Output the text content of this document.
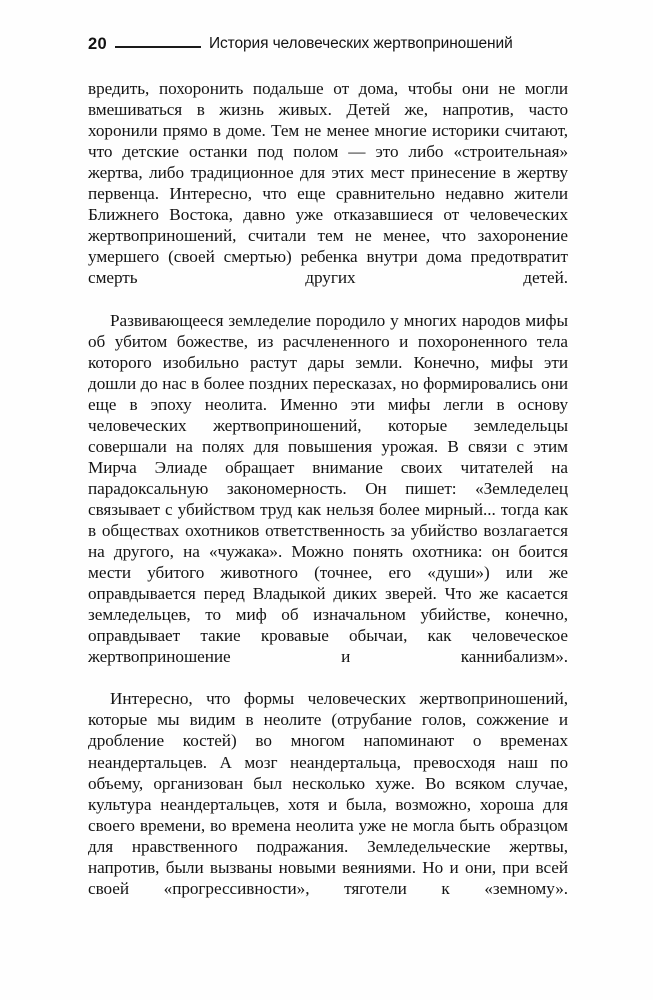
20	История человеческих жертвоприношений

вредить, похоронить подальше от дома, чтобы они не могли вмешиваться в жизнь живых. Детей же, напротив, часто хоронили прямо в доме. Тем не менее многие историки считают, что детские останки под полом — это либо «строительная» жертва, либо традиционное для этих мест принесение в жертву первенца. Интересно, что еще сравнительно недавно жители Ближнего Востока, давно уже отказавшиеся от человеческих жертвоприношений, считали тем не менее, что захоронение умершего (своей смертью) ребенка внутри дома предотвратит смерть других детей.

Развивающееся земледелие породило у многих народов мифы об убитом божестве, из расчлененного и похороненного тела которого изобильно растут дары земли. Конечно, мифы эти дошли до нас в более поздних пересказах, но формировались они еще в эпоху неолита. Именно эти мифы легли в основу человеческих жертвоприношений, которые земледельцы совершали на полях для повышения урожая. В связи с этим Мирча Элиаде обращает внимание своих читателей на парадоксальную закономерность. Он пишет: «Земледелец связывает с убийством труд как нельзя более мирный... тогда как в обществах охотников ответственность за убийство возлагается на другого, на «чужака». Можно понять охотника: он боится мести убитого животного (точнее, его «души») или же оправдывается перед Владыкой диких зверей. Что же касается земледельцев, то миф об изначальном убийстве, конечно, оправдывает такие кровавые обычаи, как человеческое жертвоприношение и каннибализм».

Интересно, что формы человеческих жертвоприношений, которые мы видим в неолите (отрубание голов, сожжение и дробление костей) во многом напоминают о временах неандертальцев. А мозг неандертальца, превосходя наш по объему, организован был несколько хуже. Во всяком случае, культура неандертальцев, хотя и была, возможно, хороша для своего времени, во времена неолита уже не могла быть образцом для нравственного подражания. Земледельческие жертвы, напротив, были вызваны новыми веяниями. Но и они, при всей своей «прогрессивности», тяготели к «земному».
